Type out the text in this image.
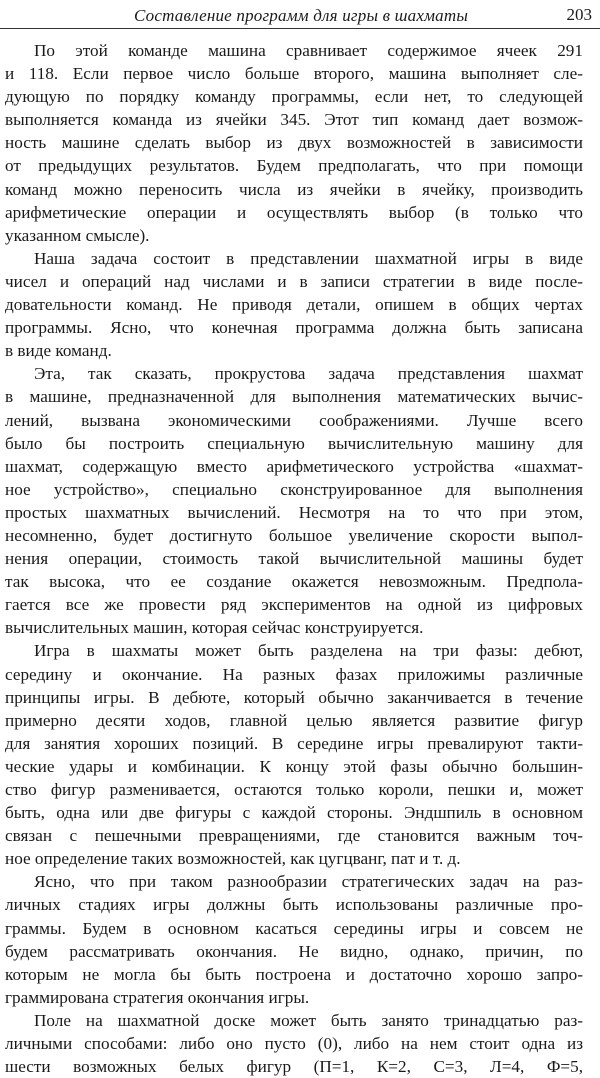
Составление программ для игры в шахматы	203
По этой команде машина сравнивает содержимое ячеек 291
и 118. Если первое число больше второго, машина выполняет сле-
дующую по порядку команду программы, если нет, то следующей
выполняется команда из ячейки 345. Этот тип команд дает возмож-
ность машине сделать выбор из двух возможностей в зависимости
от предыдущих результатов. Будем предполагать, что при помощи
команд можно переносить числа из ячейки в ячейку, производить
арифметические операции и осуществлять выбор (в только что
указанном смысле).
Наша задача состоит в представлении шахматной игры в виде
чисел и операций над числами и в записи стратегии в виде после-
довательности команд. Не приводя детали, опишем в общих чертах
программы. Ясно, что конечная программа должна быть записана
в виде команд.
Эта, так сказать, прокрустова задача представления шахмат
в машине, предназначенной для выполнения математических вычис-
лений, вызвана экономическими соображениями. Лучше всего
было бы построить специальную вычислительную машину для
шахмат, содержащую вместо арифметического устройства «шахмат-
ное устройство», специально сконструированное для выполнения
простых шахматных вычислений. Несмотря на то что при этом,
несомненно, будет достигнуто большое увеличение скорости выпол-
нения операции, стоимость такой вычислительной машины будет
так высока, что ее создание окажется невозможным. Предпола-
гается все же провести ряд экспериментов на одной из цифровых
вычислительных машин, которая сейчас конструируется.
Игра в шахматы может быть разделена на три фазы: дебют,
середину и окончание. На разных фазах приложимы различные
принципы игры. В дебюте, который обычно заканчивается в течение
примерно десяти ходов, главной целью является развитие фигур
для занятия хороших позиций. В середине игры превалируют такти-
ческие удары и комбинации. К концу этой фазы обычно большин-
ство фигур разменивается, остаются только короли, пешки и, может
быть, одна или две фигуры с каждой стороны. Эндшпиль в основном
связан с пешечными превращениями, где становится важным точ-
ное определение таких возможностей, как цугцванг, пат и т. д.
Ясно, что при таком разнообразии стратегических задач на раз-
личных стадиях игры должны быть использованы различные про-
граммы. Будем в основном касаться середины игры и совсем не
будем рассматривать окончания. Не видно, однако, причин, по
которым не могла бы быть построена и достаточно хорошо запро-
граммирована стратегия окончания игры.
Поле на шахматной доске может быть занято тринадцатью раз-
личными способами: либо оно пусто (0), либо на нем стоит одна из
шести возможных белых фигур (П=1, К=2, С=3, Л=4, Ф=5,
